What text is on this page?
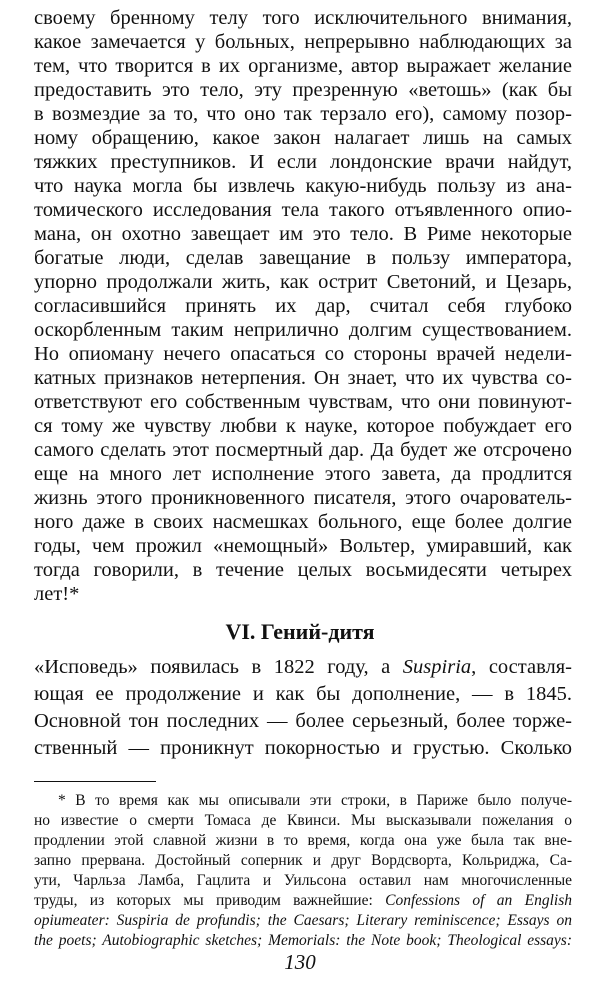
своему бренному телу того исключительного внимания,
какое замечается у больных, непрерывно наблюдающих за
тем, что творится в их организме, автор выражает желание
предоставить это тело, эту презренную «ветошь» (как бы
в возмездие за то, что оно так терзало его), самому позор-
ному обращению, какое закон налагает лишь на самых
тяжких преступников. И если лондонские врачи найдут,
что наука могла бы извлечь какую-нибудь пользу из ана-
томического исследования тела такого отъявленного опио-
мана, он охотно завещает им это тело. В Риме некоторые
богатые люди, сделав завещание в пользу императора,
упорно продолжали жить, как острит Светоний, и Цезарь,
согласившийся принять их дар, считал себя глубоко
оскорбленным таким неприлично долгим существованием.
Но опиоману нечего опасаться со стороны врачей недели-
катных признаков нетерпения. Он знает, что их чувства со-
ответствуют его собственным чувствам, что они повинуют-
ся тому же чувству любви к науке, которое побуждает его
самого сделать этот посмертный дар. Да будет же отсрочено
еще на много лет исполнение этого завета, да продлится
жизнь этого проникновенного писателя, этого очарователь-
ного даже в своих насмешках больного, еще более долгие
годы, чем прожил «немощный» Вольтер, умиравший, как
тогда говорили, в течение целых восьмидесяти четырех
лет!*
VI. Гений-дитя
«Исповедь» появилась в 1822 году, а Suspiria, составля-
ющая ее продолжение и как бы дополнение, — в 1845.
Основной тон последних — более серьезный, более торже-
ственный — проникнут покорностью и грустью. Сколько
* В то время как мы описывали эти строки, в Париже было получе-
но известие о смерти Томаса де Квинси. Мы высказывали пожелания о
продлении этой славной жизни в то время, когда она уже была так вне-
запно прервана. Достойный соперник и друг Вордсворта, Кольриджа, Са-
ути, Чарльза Ламба, Гацлита и Уильсона оставил нам многочисленные
труды, из которых мы приводим важнейшие: Confessions of an English
opiumeater: Suspiria de profundis; the Caesars; Literary reminiscence; Essays on
the poets; Autobiographic sketches; Memorials: the Note book; Theological essays:
130
